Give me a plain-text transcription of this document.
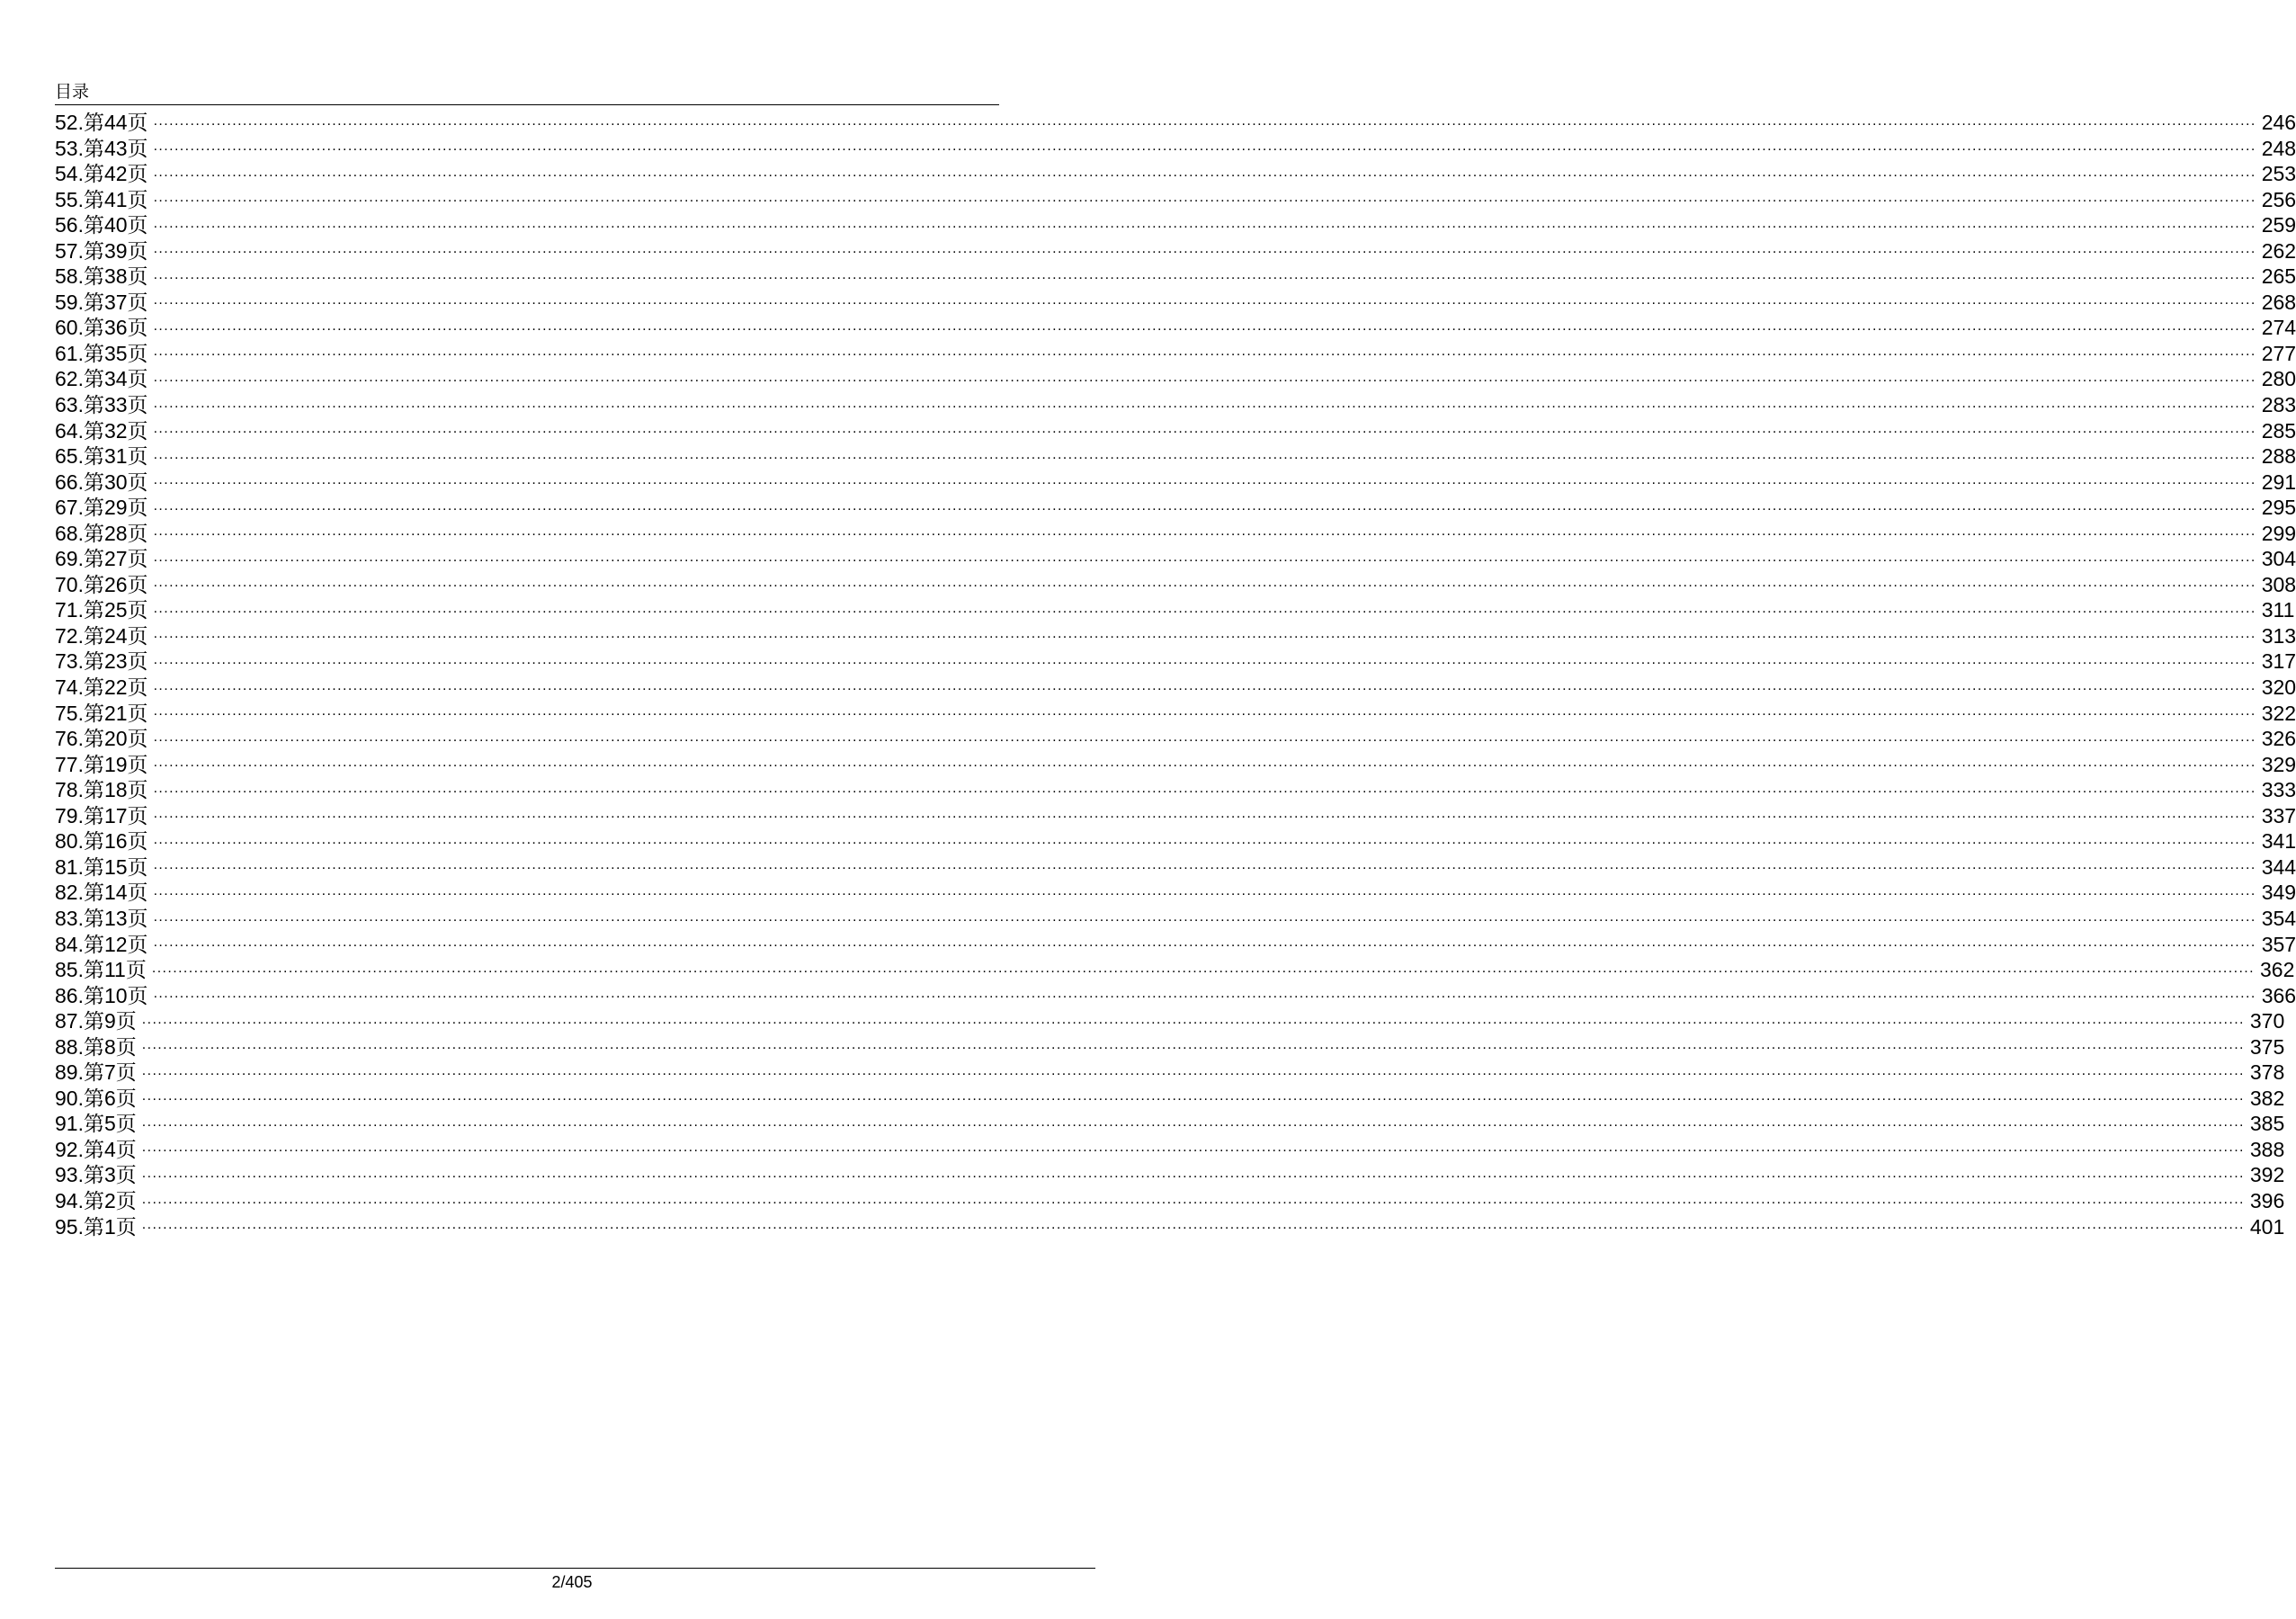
目录
52.第44页 ................................................................................................................................................................................................................................................................................................................................................................................................................ 246
53.第43页 ................................................................................................................................................................................................................................................................................................................................................................................................................ 248
54.第42页 ................................................................................................................................................................................................................................................................................................................................................................................................................ 253
55.第41页 ................................................................................................................................................................................................................................................................................................................................................................................................................ 256
56.第40页 ................................................................................................................................................................................................................................................................................................................................................................................................................ 259
57.第39页 ................................................................................................................................................................................................................................................................................................................................................................................................................ 262
58.第38页 ................................................................................................................................................................................................................................................................................................................................................................................................................ 265
59.第37页 ................................................................................................................................................................................................................................................................................................................................................................................................................ 268
60.第36页 ................................................................................................................................................................................................................................................................................................................................................................................................................ 274
61.第35页 ................................................................................................................................................................................................................................................................................................................................................................................................................ 277
62.第34页 ................................................................................................................................................................................................................................................................................................................................................................................................................ 280
63.第33页 ................................................................................................................................................................................................................................................................................................................................................................................................................ 283
64.第32页 ................................................................................................................................................................................................................................................................................................................................................................................................................ 285
65.第31页 ................................................................................................................................................................................................................................................................................................................................................................................................................ 288
66.第30页 ................................................................................................................................................................................................................................................................................................................................................................................................................ 291
67.第29页 ................................................................................................................................................................................................................................................................................................................................................................................................................ 295
68.第28页 ................................................................................................................................................................................................................................................................................................................................................................................................................ 299
69.第27页 ................................................................................................................................................................................................................................................................................................................................................................................................................ 304
70.第26页 ................................................................................................................................................................................................................................................................................................................................................................................................................ 308
71.第25页 ................................................................................................................................................................................................................................................................................................................................................................................................................ 311
72.第24页 ................................................................................................................................................................................................................................................................................................................................................................................................................ 313
73.第23页 ................................................................................................................................................................................................................................................................................................................................................................................................................ 317
74.第22页 ................................................................................................................................................................................................................................................................................................................................................................................................................ 320
75.第21页 ................................................................................................................................................................................................................................................................................................................................................................................................................ 322
76.第20页 ................................................................................................................................................................................................................................................................................................................................................................................................................ 326
77.第19页 ................................................................................................................................................................................................................................................................................................................................................................................................................ 329
78.第18页 ................................................................................................................................................................................................................................................................................................................................................................................................................ 333
79.第17页 ................................................................................................................................................................................................................................................................................................................................................................................................................ 337
80.第16页 ................................................................................................................................................................................................................................................................................................................................................................................................................ 341
81.第15页 ................................................................................................................................................................................................................................................................................................................................................................................................................ 344
82.第14页 ................................................................................................................................................................................................................................................................................................................................................................................................................ 349
83.第13页 ................................................................................................................................................................................................................................................................................................................................................................................................................ 354
84.第12页 ................................................................................................................................................................................................................................................................................................................................................................................................................ 357
85.第11页 ................................................................................................................................................................................................................................................................................................................................................................................................................ 362
86.第10页 ................................................................................................................................................................................................................................................................................................................................................................................................................ 366
87.第9页 ................................................................................................................................................................................................................................................................................................................................................................................................................ 370
88.第8页 ................................................................................................................................................................................................................................................................................................................................................................................................................ 375
89.第7页 ................................................................................................................................................................................................................................................................................................................................................................................................................ 378
90.第6页 ................................................................................................................................................................................................................................................................................................................................................................................................................ 382
91.第5页 ................................................................................................................................................................................................................................................................................................................................................................................................................ 385
92.第4页 ................................................................................................................................................................................................................................................................................................................................................................................................................ 388
93.第3页 ................................................................................................................................................................................................................................................................................................................................................................................................................ 392
94.第2页 ................................................................................................................................................................................................................................................................................................................................................................................................................ 396
95.第1页 ................................................................................................................................................................................................................................................................................................................................................................................................................ 401
2/405
